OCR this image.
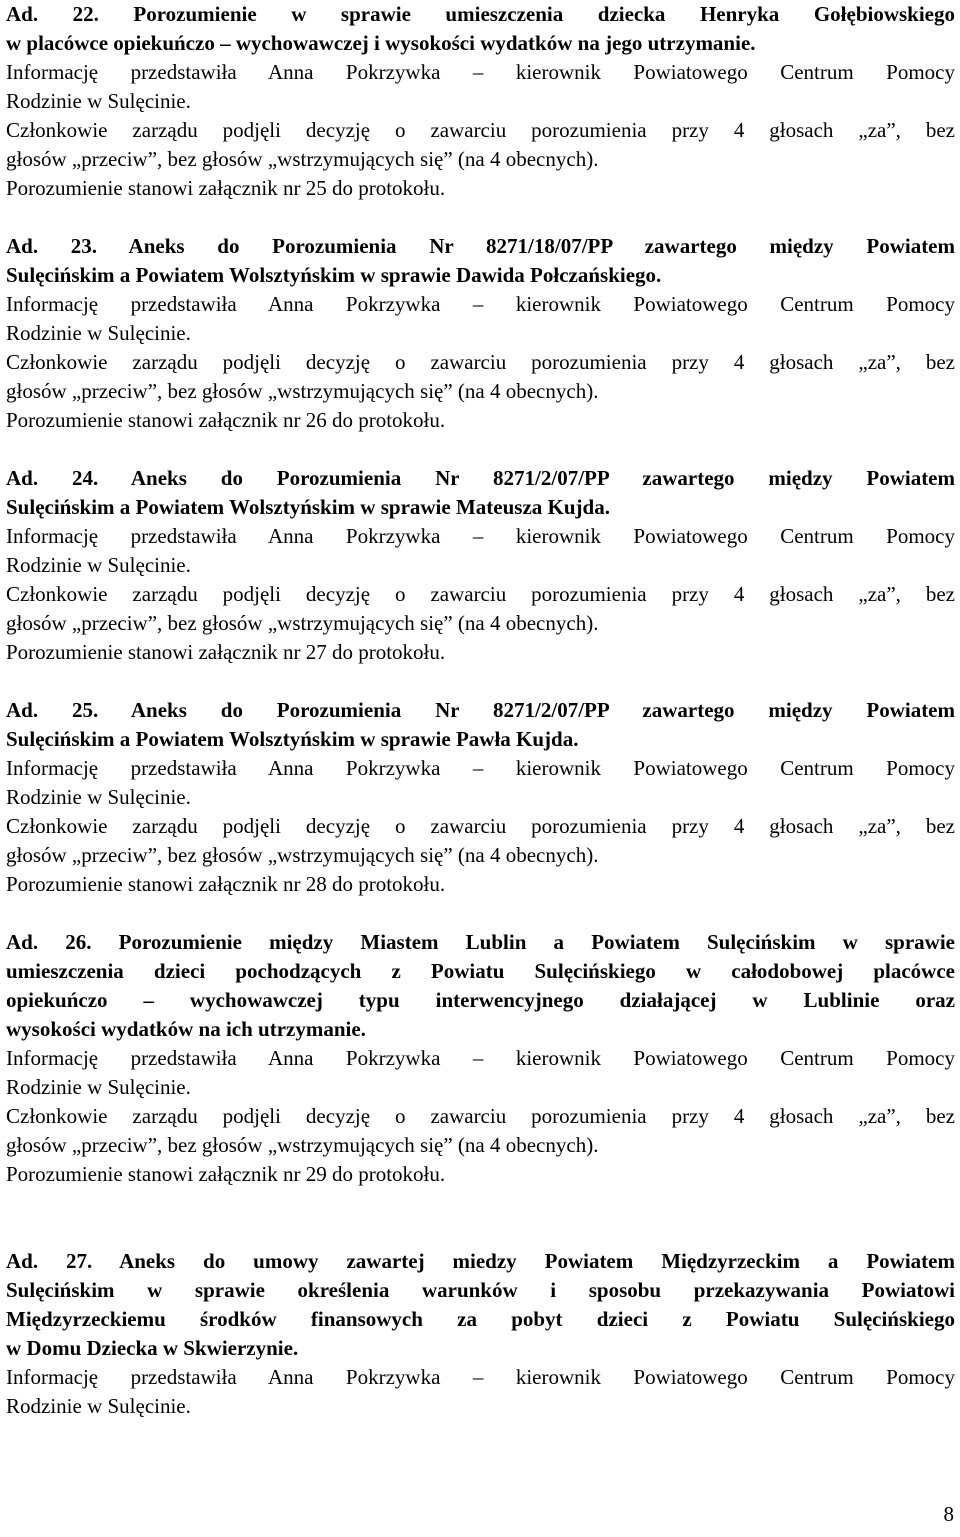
Ad. 22. Porozumienie w sprawie umieszczenia dziecka Henryka Gołębiowskiego
w placówce opiekuńczo – wychowawczej i wysokości wydatków na jego utrzymanie.
Informację przedstawiła Anna Pokrzywka – kierownik Powiatowego Centrum Pomocy
Rodzinie w Sulęcinie.
Członkowie zarządu podjęli decyzję o zawarciu porozumienia przy 4 głosach „za”, bez
głosów „przeciw”, bez głosów „wstrzymujących się” (na 4 obecnych).
Porozumienie stanowi załącznik nr 25 do protokołu.
Ad. 23. Aneks do Porozumienia Nr 8271/18/07/PP zawartego między Powiatem
Sulęcińskim a Powiatem Wolsztyńskim w sprawie Dawida Połczańskiego.
Informację przedstawiła Anna Pokrzywka – kierownik Powiatowego Centrum Pomocy
Rodzinie w Sulęcinie.
Członkowie zarządu podjęli decyzję o zawarciu porozumienia przy 4 głosach „za”, bez
głosów „przeciw”, bez głosów „wstrzymujących się” (na 4 obecnych).
Porozumienie stanowi załącznik nr 26 do protokołu.
Ad. 24. Aneks do Porozumienia Nr 8271/2/07/PP zawartego między Powiatem
Sulęcińskim a Powiatem Wolsztyńskim w sprawie Mateusza Kujda.
Informację przedstawiła Anna Pokrzywka – kierownik Powiatowego Centrum Pomocy
Rodzinie w Sulęcinie.
Członkowie zarządu podjęli decyzję o zawarciu porozumienia przy 4 głosach „za”, bez
głosów „przeciw”, bez głosów „wstrzymujących się” (na 4 obecnych).
Porozumienie stanowi załącznik nr 27 do protokołu.
Ad. 25. Aneks do Porozumienia Nr 8271/2/07/PP zawartego między Powiatem
Sulęcińskim a Powiatem Wolsztyńskim w sprawie Pawła Kujda.
Informację przedstawiła Anna Pokrzywka – kierownik Powiatowego Centrum Pomocy
Rodzinie w Sulęcinie.
Członkowie zarządu podjęli decyzję o zawarciu porozumienia przy 4 głosach „za”, bez
głosów „przeciw”, bez głosów „wstrzymujących się” (na 4 obecnych).
Porozumienie stanowi załącznik nr 28 do protokołu.
Ad. 26. Porozumienie między Miastem Lublin a Powiatem Sulęcińskim w sprawie
umieszczenia dzieci pochodzących z Powiatu Sulęcińskiego w całodobowej placówce
opiekuńczo – wychowawczej typu interwencyjnego działającej w Lublinie oraz
wysokości wydatków na ich utrzymanie.
Informację przedstawiła Anna Pokrzywka – kierownik Powiatowego Centrum Pomocy
Rodzinie w Sulęcinie.
Członkowie zarządu podjęli decyzję o zawarciu porozumienia przy 4 głosach „za”, bez
głosów „przeciw”, bez głosów „wstrzymujących się” (na 4 obecnych).
Porozumienie stanowi załącznik nr 29 do protokołu.
Ad. 27. Aneks do umowy zawartej miedzy Powiatem Międzyrzeckim a Powiatem
Sulęcińskim w sprawie określenia warunków i sposobu przekazywania Powiatowi
Międzyrzeckiemu środków finansowych za pobyt dzieci z Powiatu Sulęcińskiego
w Domu Dziecka w Skwierzynie.
Informację przedstawiła Anna Pokrzywka – kierownik Powiatowego Centrum Pomocy
Rodzinie w Sulęcinie.
8
